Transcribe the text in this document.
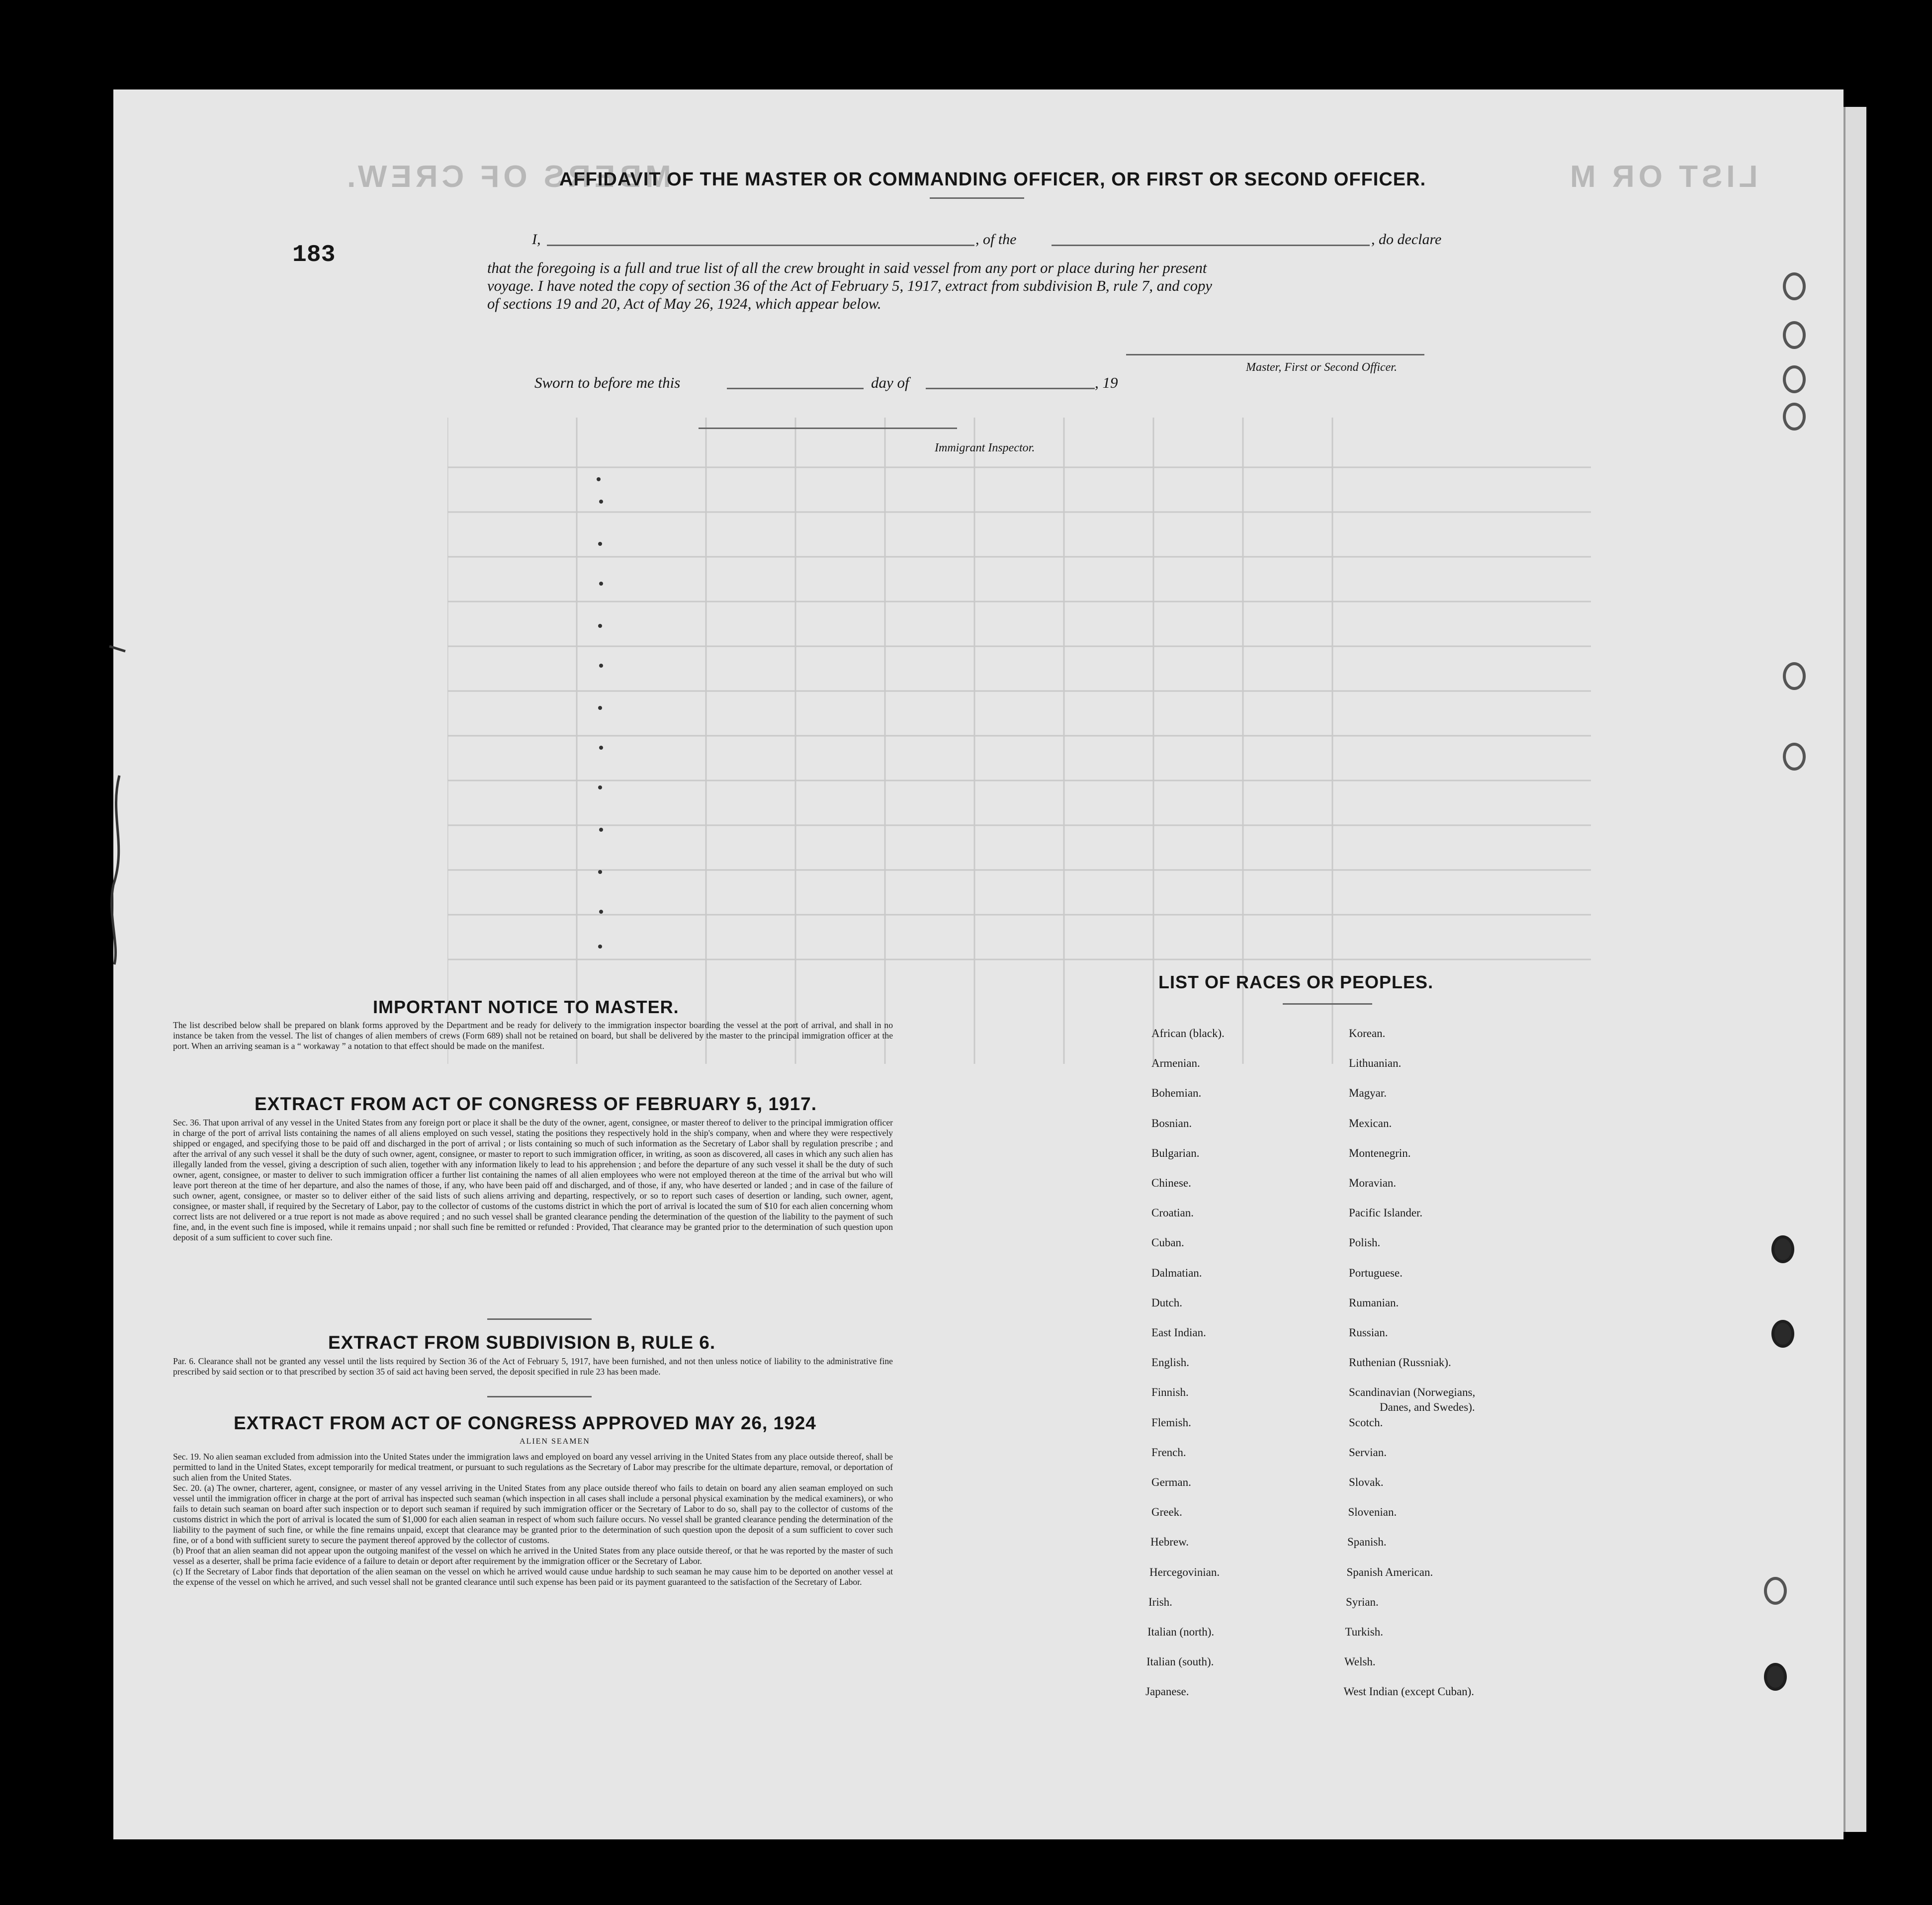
LIST OR M
MBERS OF CREW.
183
AFFIDAVIT OF THE MASTER OR COMMANDING OFFICER, OR FIRST OR SECOND OFFICER.
I,	, of the	, do declare
that the foregoing is a full and true list of all the crew brought in said vessel from any port or place during her present
voyage. I have noted the copy of section 36 of the Act of February 5, 1917, extract from subdivision B, rule 7, and copy
of sections 19 and 20, Act of May 26, 1924, which appear below.
Master, First or Second Officer.
Sworn to before me this	day of	, 19
Immigrant Inspector.
IMPORTANT NOTICE TO MASTER.

The list described below shall be prepared on blank forms approved by the Department and be ready for delivery to the immigration inspector boarding the vessel at the port of arrival, and shall in no instance be taken from the vessel. The list of changes of alien members of crews (Form 689) shall not be retained on board, but shall be delivered by the master to the principal immigration officer at the port. When an arriving seaman is a “ workaway ” a notation to that effect should be made on the manifest.

EXTRACT FROM ACT OF CONGRESS OF FEBRUARY 5, 1917.

Sec. 36. That upon arrival of any vessel in the United States from any foreign port or place it shall be the duty of the owner, agent, consignee, or master thereof to deliver to the principal immigration officer in charge of the port of arrival lists containing the names of all aliens employed on such vessel, stating the positions they respectively hold in the ship's company, when and where they were respectively shipped or engaged, and specifying those to be paid off and discharged in the port of arrival ; or lists containing so much of such information as the Secretary of Labor shall by regulation prescribe ; and after the arrival of any such vessel it shall be the duty of such owner, agent, consignee, or master to report to such immigration officer, in writing, as soon as discovered, all cases in which any such alien has illegally landed from the vessel, giving a description of such alien, together with any information likely to lead to his apprehension ; and before the departure of any such vessel it shall be the duty of such owner, agent, consignee, or master to deliver to such immigration officer a further list containing the names of all alien employees who were not employed thereon at the time of the arrival but who will leave port thereon at the time of her departure, and also the names of those, if any, who have been paid off and discharged, and of those, if any, who have deserted or landed ; and in case of the failure of such owner, agent, consignee, or master so to deliver either of the said lists of such aliens arriving and departing, respectively, or so to report such cases of desertion or landing, such owner, agent, consignee, or master shall, if required by the Secretary of Labor, pay to the collector of customs of the customs district in which the port of arrival is located the sum of $10 for each alien concerning whom correct lists are not delivered or a true report is not made as above required ; and no such vessel shall be granted clearance pending the determination of the question of the liability to the payment of such fine, and, in the event such fine is imposed, while it remains unpaid ; nor shall such fine be remitted or refunded : Provided, That clearance may be granted prior to the determination of such question upon deposit of a sum sufficient to cover such fine.

EXTRACT FROM SUBDIVISION B, RULE 6.

Par. 6. Clearance shall not be granted any vessel until the lists required by Section 36 of the Act of February 5, 1917, have been furnished, and not then unless notice of liability to the administrative fine prescribed by said section or to that prescribed by section 35 of said act having been served, the deposit specified in rule 23 has been made.

EXTRACT FROM ACT OF CONGRESS APPROVED MAY 26, 1924
ALIEN SEAMEN

Sec. 19. No alien seaman excluded from admission into the United States under the immigration laws and employed on board any vessel arriving in the United States from any place outside thereof, shall be permitted to land in the United States, except temporarily for medical treatment, or pursuant to such regulations as the Secretary of Labor may prescribe for the ultimate departure, removal, or deportation of such alien from the United States.

Sec. 20. (a) The owner, charterer, agent, consignee, or master of any vessel arriving in the United States from any place outside thereof who fails to detain on board any alien seaman employed on such vessel until the immigration officer in charge at the port of arrival has inspected such seaman (which inspection in all cases shall include a personal physical examination by the medical examiners), or who fails to detain such seaman on board after such inspection or to deport such seaman if required by such immigration officer or the Secretary of Labor to do so, shall pay to the collector of customs of the customs district in which the port of arrival is located the sum of $1,000 for each alien seaman in respect of whom such failure occurs. No vessel shall be granted clearance pending the determination of the liability to the payment of such fine, or while the fine remains unpaid, except that clearance may be granted prior to the determination of such question upon the deposit of a sum sufficient to cover such fine, or of a bond with sufficient surety to secure the payment thereof approved by the collector of customs.

(b) Proof that an alien seaman did not appear upon the outgoing manifest of the vessel on which he arrived in the United States from any place outside thereof, or that he was reported by the master of such vessel as a deserter, shall be prima facie evidence of a failure to detain or deport after requirement by the immigration officer or the Secretary of Labor.

(c) If the Secretary of Labor finds that deportation of the alien seaman on the vessel on which he arrived would cause undue hardship to such seaman he may cause him to be deported on another vessel at the expense of the vessel on which he arrived, and such vessel shall not be granted clearance until such expense has been paid or its payment guaranteed to the satisfaction of the Secretary of Labor.

LIST OF RACES OR PEOPLES.
African (black).
Armenian.
Bohemian.
Bosnian.
Bulgarian.
Chinese.
Croatian.
Cuban.
Dalmatian.
Dutch.
East Indian.
English.
Finnish.
Flemish.
French.
German.
Greek.
Hebrew.
Hercegovinian.
Irish.
Italian (north).
Italian (south).
Japanese.
Korean.
Lithuanian.
Magyar.
Mexican.
Montenegrin.
Moravian.
Pacific Islander.
Polish.
Portuguese.
Rumanian.
Russian.
Ruthenian (Russniak).
Scandinavian (Norwegians,
Danes, and Swedes).
Scotch.
Servian.
Slovak.
Slovenian.
Spanish.
Spanish American.
Syrian.
Turkish.
Welsh.
West Indian (except Cuban).
